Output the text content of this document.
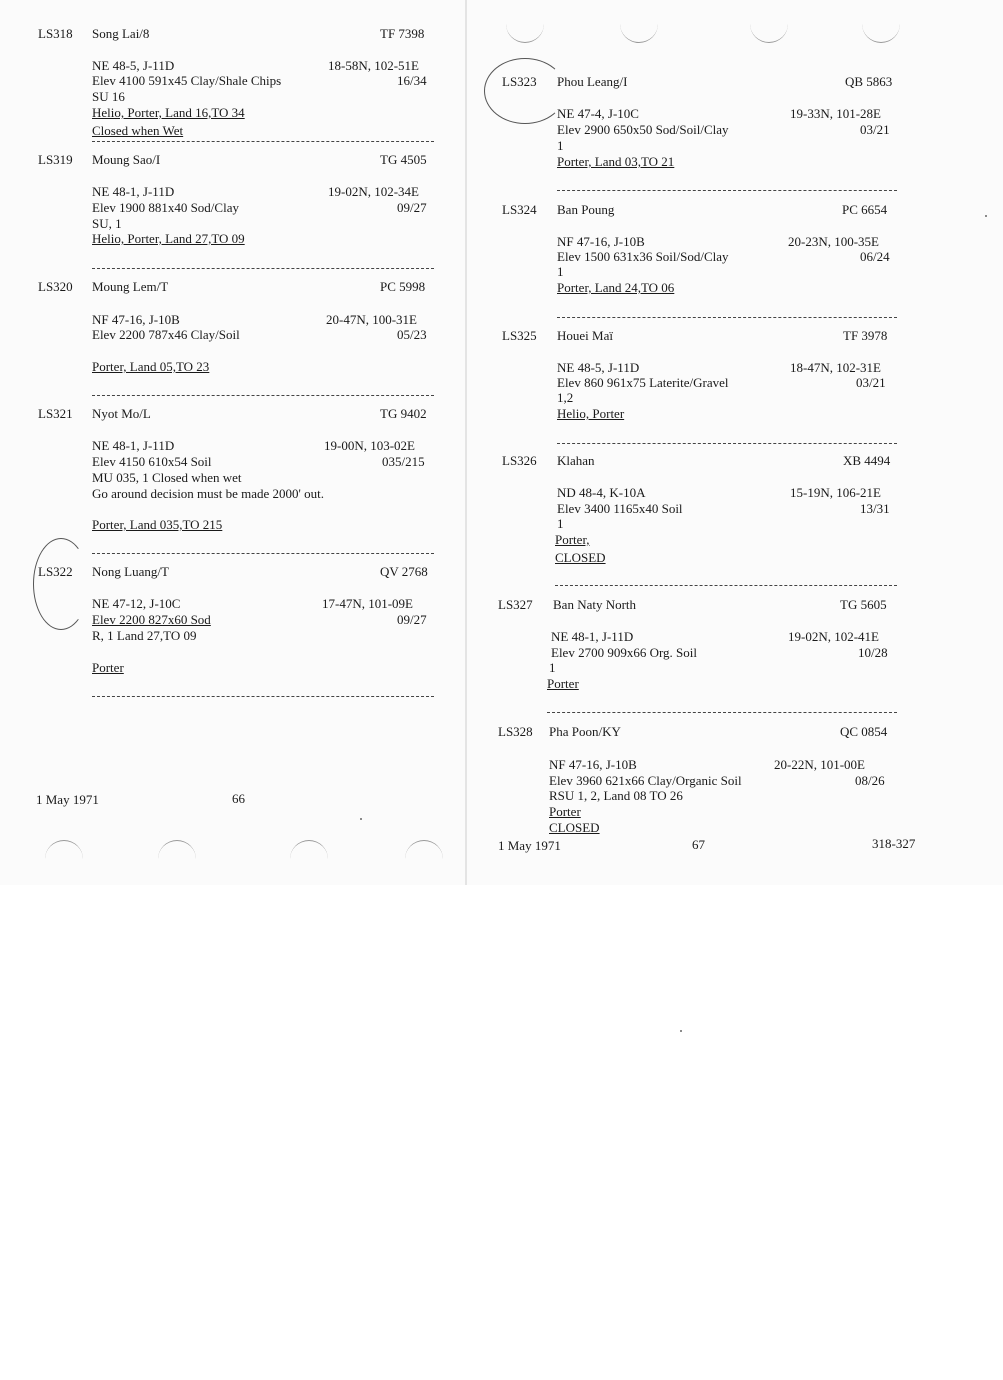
LS318 Song Lai/8	TF 7398
NE 48-5, J-11D	18-58N, 102-51E
Elev 4100 591x45 Clay/Shale Chips	16/34
SU 16
Helio, Porter, Land 16,TO 34
Closed when Wet
LS319 Moung Sao/I	TG 4505
NE 48-1, J-11D	19-02N, 102-34E
Elev 1900 881x40 Sod/Clay	09/27
SU, 1
Helio, Porter, Land 27,TO 09
LS320 Moung Lem/T	PC 5998
NF 47-16, J-10B	20-47N, 100-31E
Elev 2200 787x46 Clay/Soil	05/23
Porter, Land 05,TO 23
LS321 Nyot Mo/L	TG 9402
NE 48-1, J-11D	19-00N, 103-02E
Elev 4150 610x54 Soil	035/215
MU 035, 1 Closed when wet
Go around decision must be made 2000' out.
Porter, Land 035,TO 215
LS322 Nong Luang/T	QV 2768
NE 47-12, J-10C	17-47N, 101-09E
Elev 2200 827x60 Sod	09/27
R, 1 Land 27,TO 09
Porter
1 May 1971	66
LS323 Phou Leang/I	QB 5863
NE 47-4, J-10C	19-33N, 101-28E
Elev 2900 650x50 Sod/Soil/Clay	03/21
1
Porter, Land 03,TO 21
LS324 Ban Poung	PC 6654
NF 47-16, J-10B	20-23N, 100-35E
Elev 1500 631x36 Soil/Sod/Clay	06/24
1
Porter, Land 24,TO 06
LS325 Houei Maï	TF 3978
NE 48-5, J-11D	18-47N, 102-31E
Elev 860 961x75 Laterite/Gravel	03/21
1,2
Helio, Porter
LS326 Klahan	XB 4494
ND 48-4, K-10A	15-19N, 106-21E
Elev 3400 1165x40 Soil	13/31
1
Porter,
CLOSED
LS327 Ban Naty North	TG 5605
NE 48-1, J-11D	19-02N, 102-41E
Elev 2700 909x66 Org. Soil	10/28
1
Porter
LS328 Pha Poon/KY	QC 0854
NF 47-16, J-10B	20-22N, 101-00E
Elev 3960 621x66 Clay/Organic Soil	08/26
RSU 1, 2, Land 08 TO 26
Porter
CLOSED
1 May 1971	67	318-327
